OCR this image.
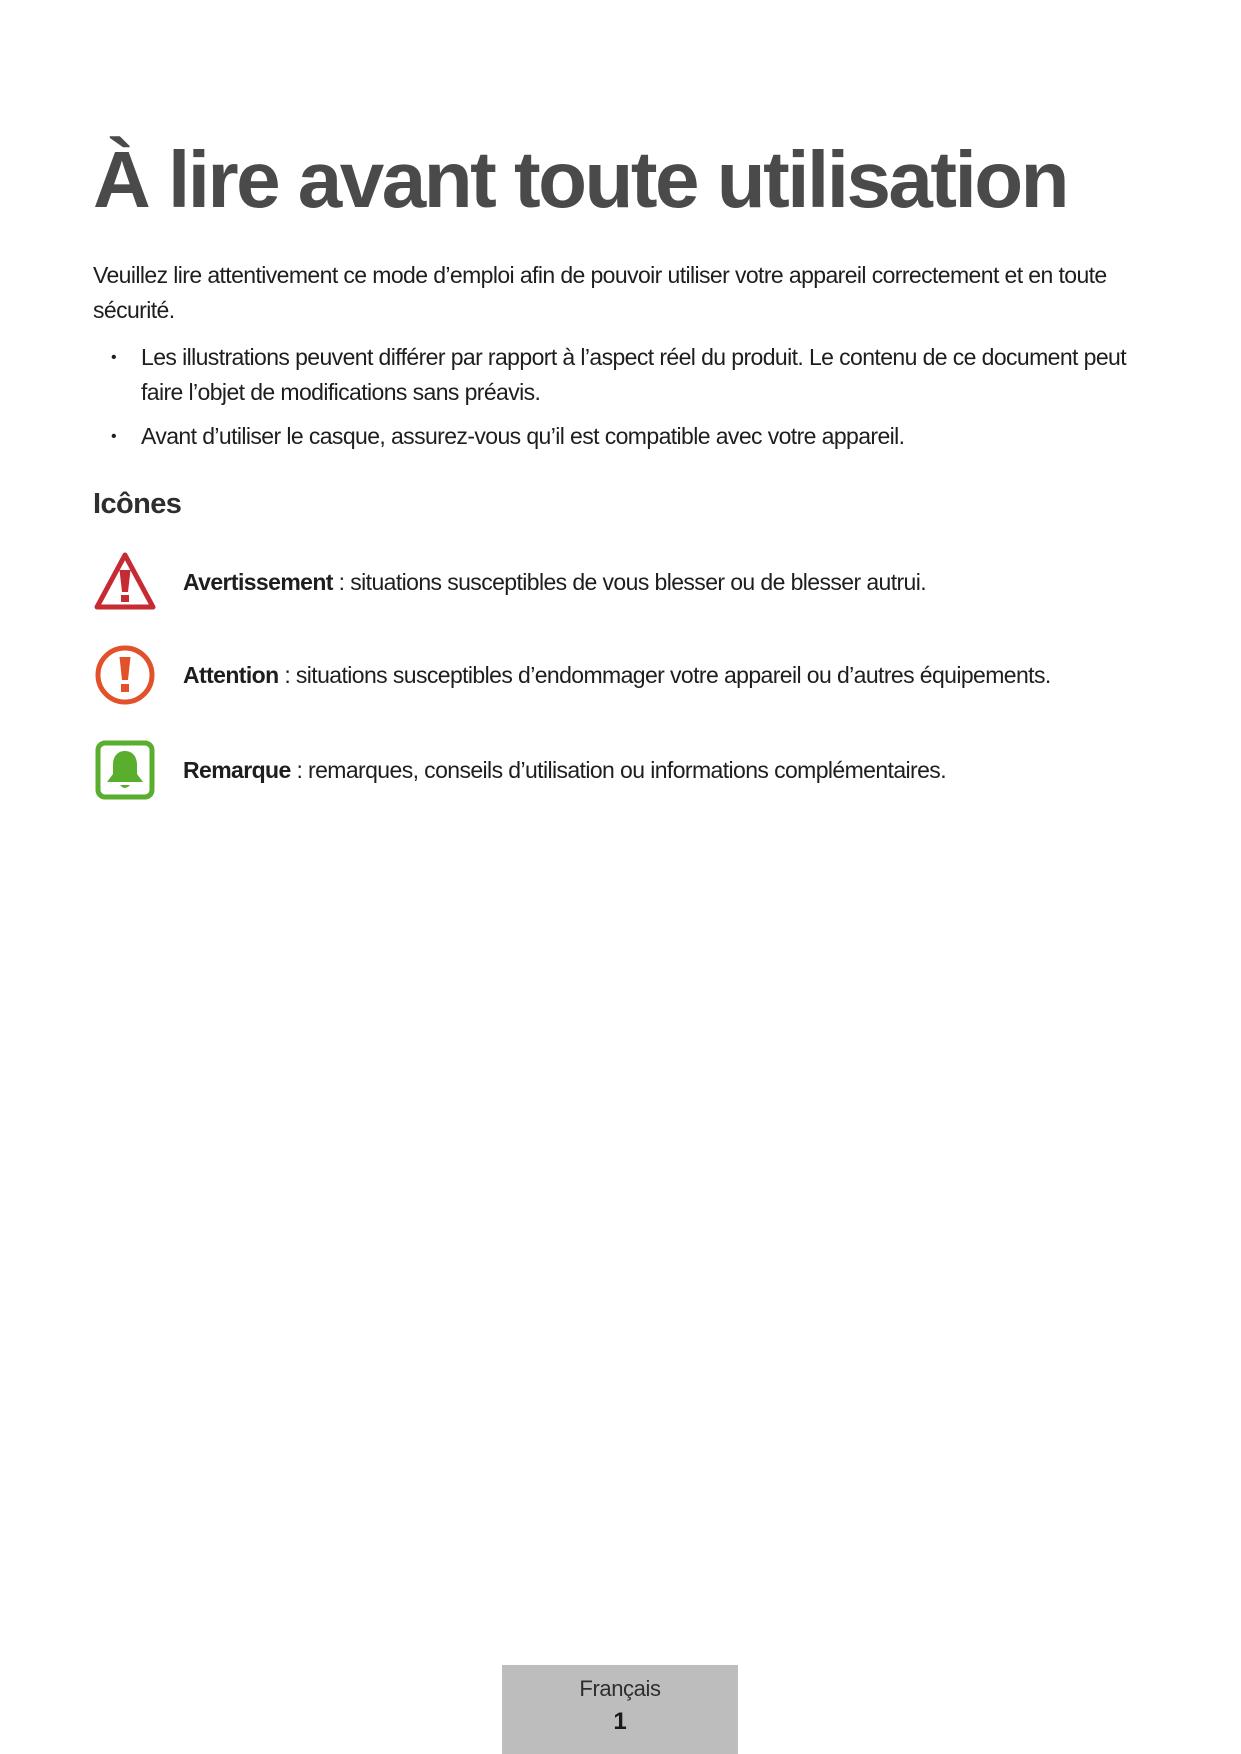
À lire avant toute utilisation

Veuillez lire attentivement ce mode d’emploi afin de pouvoir utiliser votre appareil correctement et en toute sécurité.

• Les illustrations peuvent différer par rapport à l’aspect réel du produit. Le contenu de ce document peut faire l’objet de modifications sans préavis.
• Avant d’utiliser le casque, assurez-vous qu’il est compatible avec votre appareil.
Icônes
Avertissement : situations susceptibles de vous blesser ou de blesser autrui.
Attention : situations susceptibles d’endommager votre appareil ou d’autres équipements.
Remarque : remarques, conseils d’utilisation ou informations complémentaires.
Français
1
